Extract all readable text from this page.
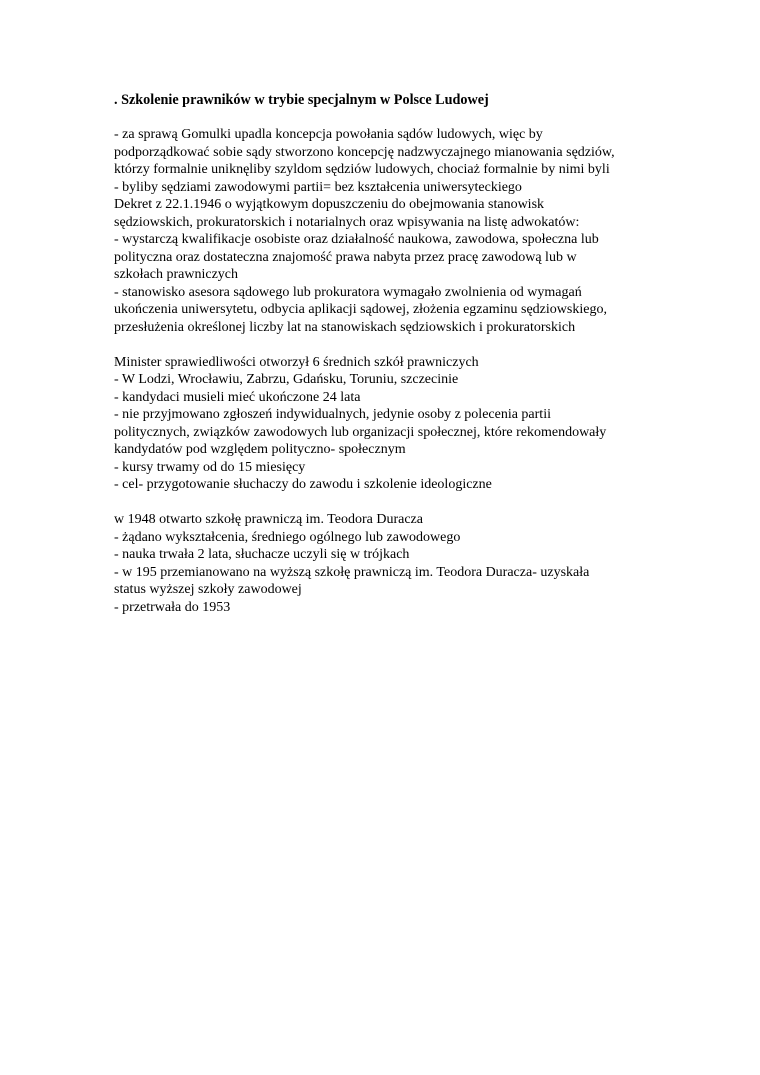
. Szkolenie prawników w trybie specjalnym w Polsce Ludowej
- za sprawą Gomulki upadla koncepcja powołania sądów ludowych, więc by
podporządkować sobie sądy stworzono koncepcję nadzwyczajnego mianowania sędziów,
którzy formalnie uniknęliby szyldom sędziów ludowych, chociaż formalnie by nimi byli
- byliby sędziami zawodowymi partii= bez kształcenia uniwersyteckiego
Dekret z 22.1.1946 o wyjątkowym dopuszczeniu do obejmowania stanowisk
sędziowskich, prokuratorskich i notarialnych oraz wpisywania na listę adwokatów:
- wystarczą kwalifikacje osobiste oraz działalność naukowa, zawodowa, społeczna lub
polityczna oraz dostateczna znajomość prawa nabyta przez pracę zawodową lub w
szkołach prawniczych
- stanowisko asesora sądowego lub prokuratora wymagało zwolnienia od wymagań
ukończenia uniwersytetu, odbycia aplikacji sądowej, złożenia egzaminu sędziowskiego,
przesłużenia określonej liczby lat na stanowiskach sędziowskich i prokuratorskich
Minister sprawiedliwości otworzył 6 średnich szkół prawniczych
- W Lodzi, Wrocławiu, Zabrzu, Gdańsku, Toruniu, szczecinie
- kandydaci musieli mieć ukończone 24 lata
- nie przyjmowano zgłoszeń indywidualnych, jedynie osoby z polecenia partii
politycznych, związków zawodowych lub organizacji społecznej, które rekomendowały
kandydatów pod względem polityczno- społecznym
- kursy trwamy od do 15 miesięcy
- cel- przygotowanie słuchaczy do zawodu i szkolenie ideologiczne
w 1948 otwarto szkołę prawniczą im. Teodora Duracza
- żądano wykształcenia, średniego ogólnego lub zawodowego
- nauka trwała 2 lata, słuchacze uczyli się w trójkach
- w 195 przemianowano na wyższą szkołę prawniczą im. Teodora Duracza- uzyskała
status wyższej szkoły zawodowej
- przetrwała do 1953
